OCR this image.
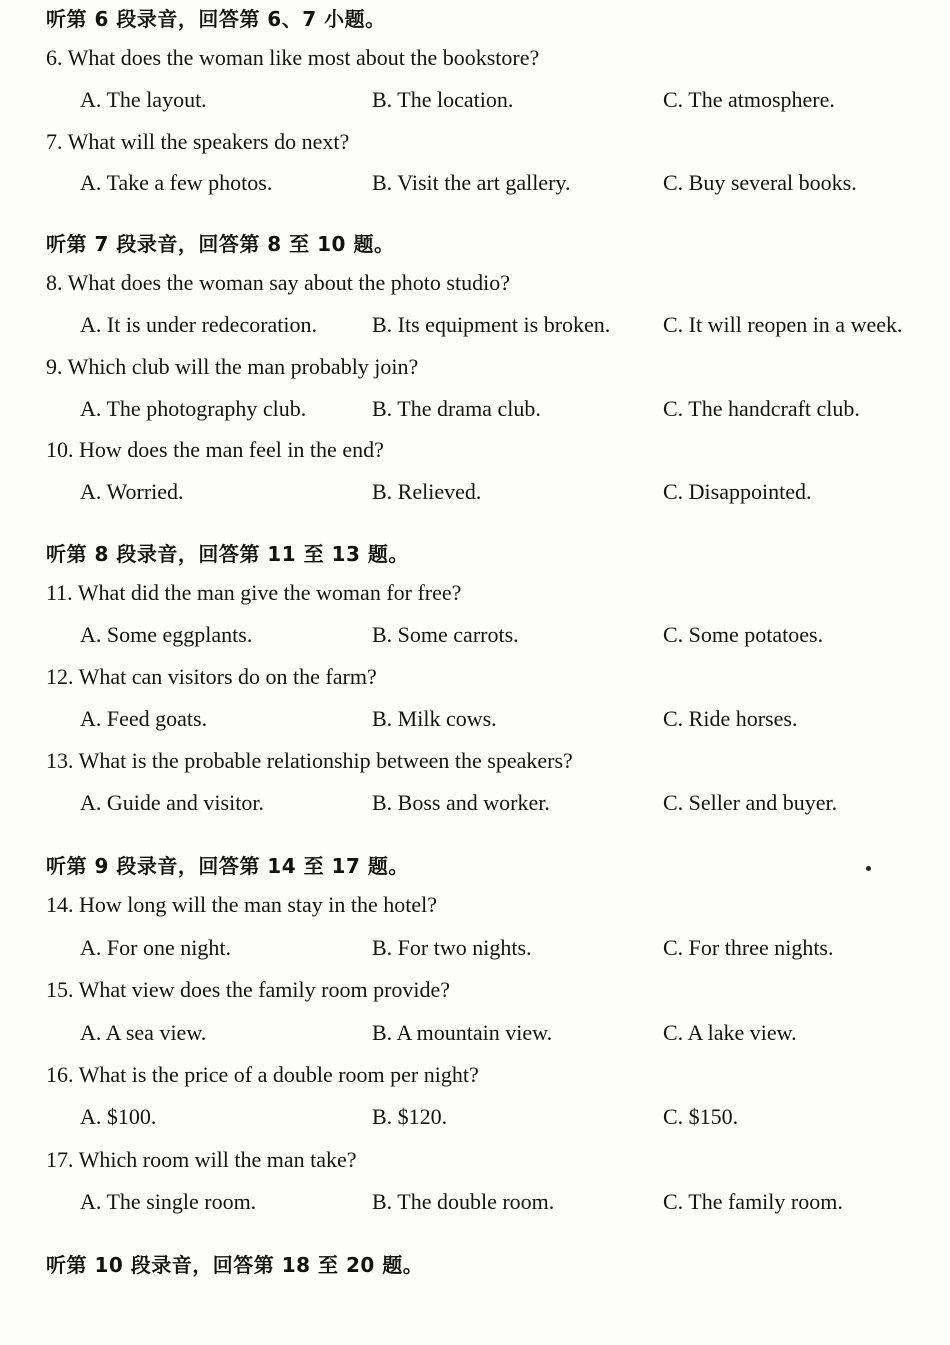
听第 6 段录音，回答第 6、7 小题。
6. What does the woman like most about the bookstore?
A. The layout.	B. The location.	C. The atmosphere.
7. What will the speakers do next?
A. Take a few photos.	B. Visit the art gallery.	C. Buy several books.
听第 7 段录音，回答第 8 至 10 题。
8. What does the woman say about the photo studio?
A. It is under redecoration. B. Its equipment is broken. C. It will reopen in a week.
9. Which club will the man probably join?
A. The photography club.	B. The drama club.	C. The handcraft club.
10. How does the man feel in the end?
A. Worried.	B. Relieved.	C. Disappointed.
听第 8 段录音，回答第 11 至 13 题。
11. What did the man give the woman for free?
A. Some eggplants.	B. Some carrots.	C. Some potatoes.
12. What can visitors do on the farm?
A. Feed goats.	B. Milk cows.	C. Ride horses.
13. What is the probable relationship between the speakers?
A. Guide and visitor.	B. Boss and worker.	C. Seller and buyer.
听第 9 段录音，回答第 14 至 17 题。
14. How long will the man stay in the hotel?
A. For one night.	B. For two nights.	C. For three nights.
15. What view does the family room provide?
A. A sea view.	B. A mountain view.	C. A lake view.
16. What is the price of a double room per night?
A. $100.	B. $120.	C. $150.
17. Which room will the man take?
A. The single room.	B. The double room.	C. The family room.
听第 10 段录音，回答第 18 至 20 题。
